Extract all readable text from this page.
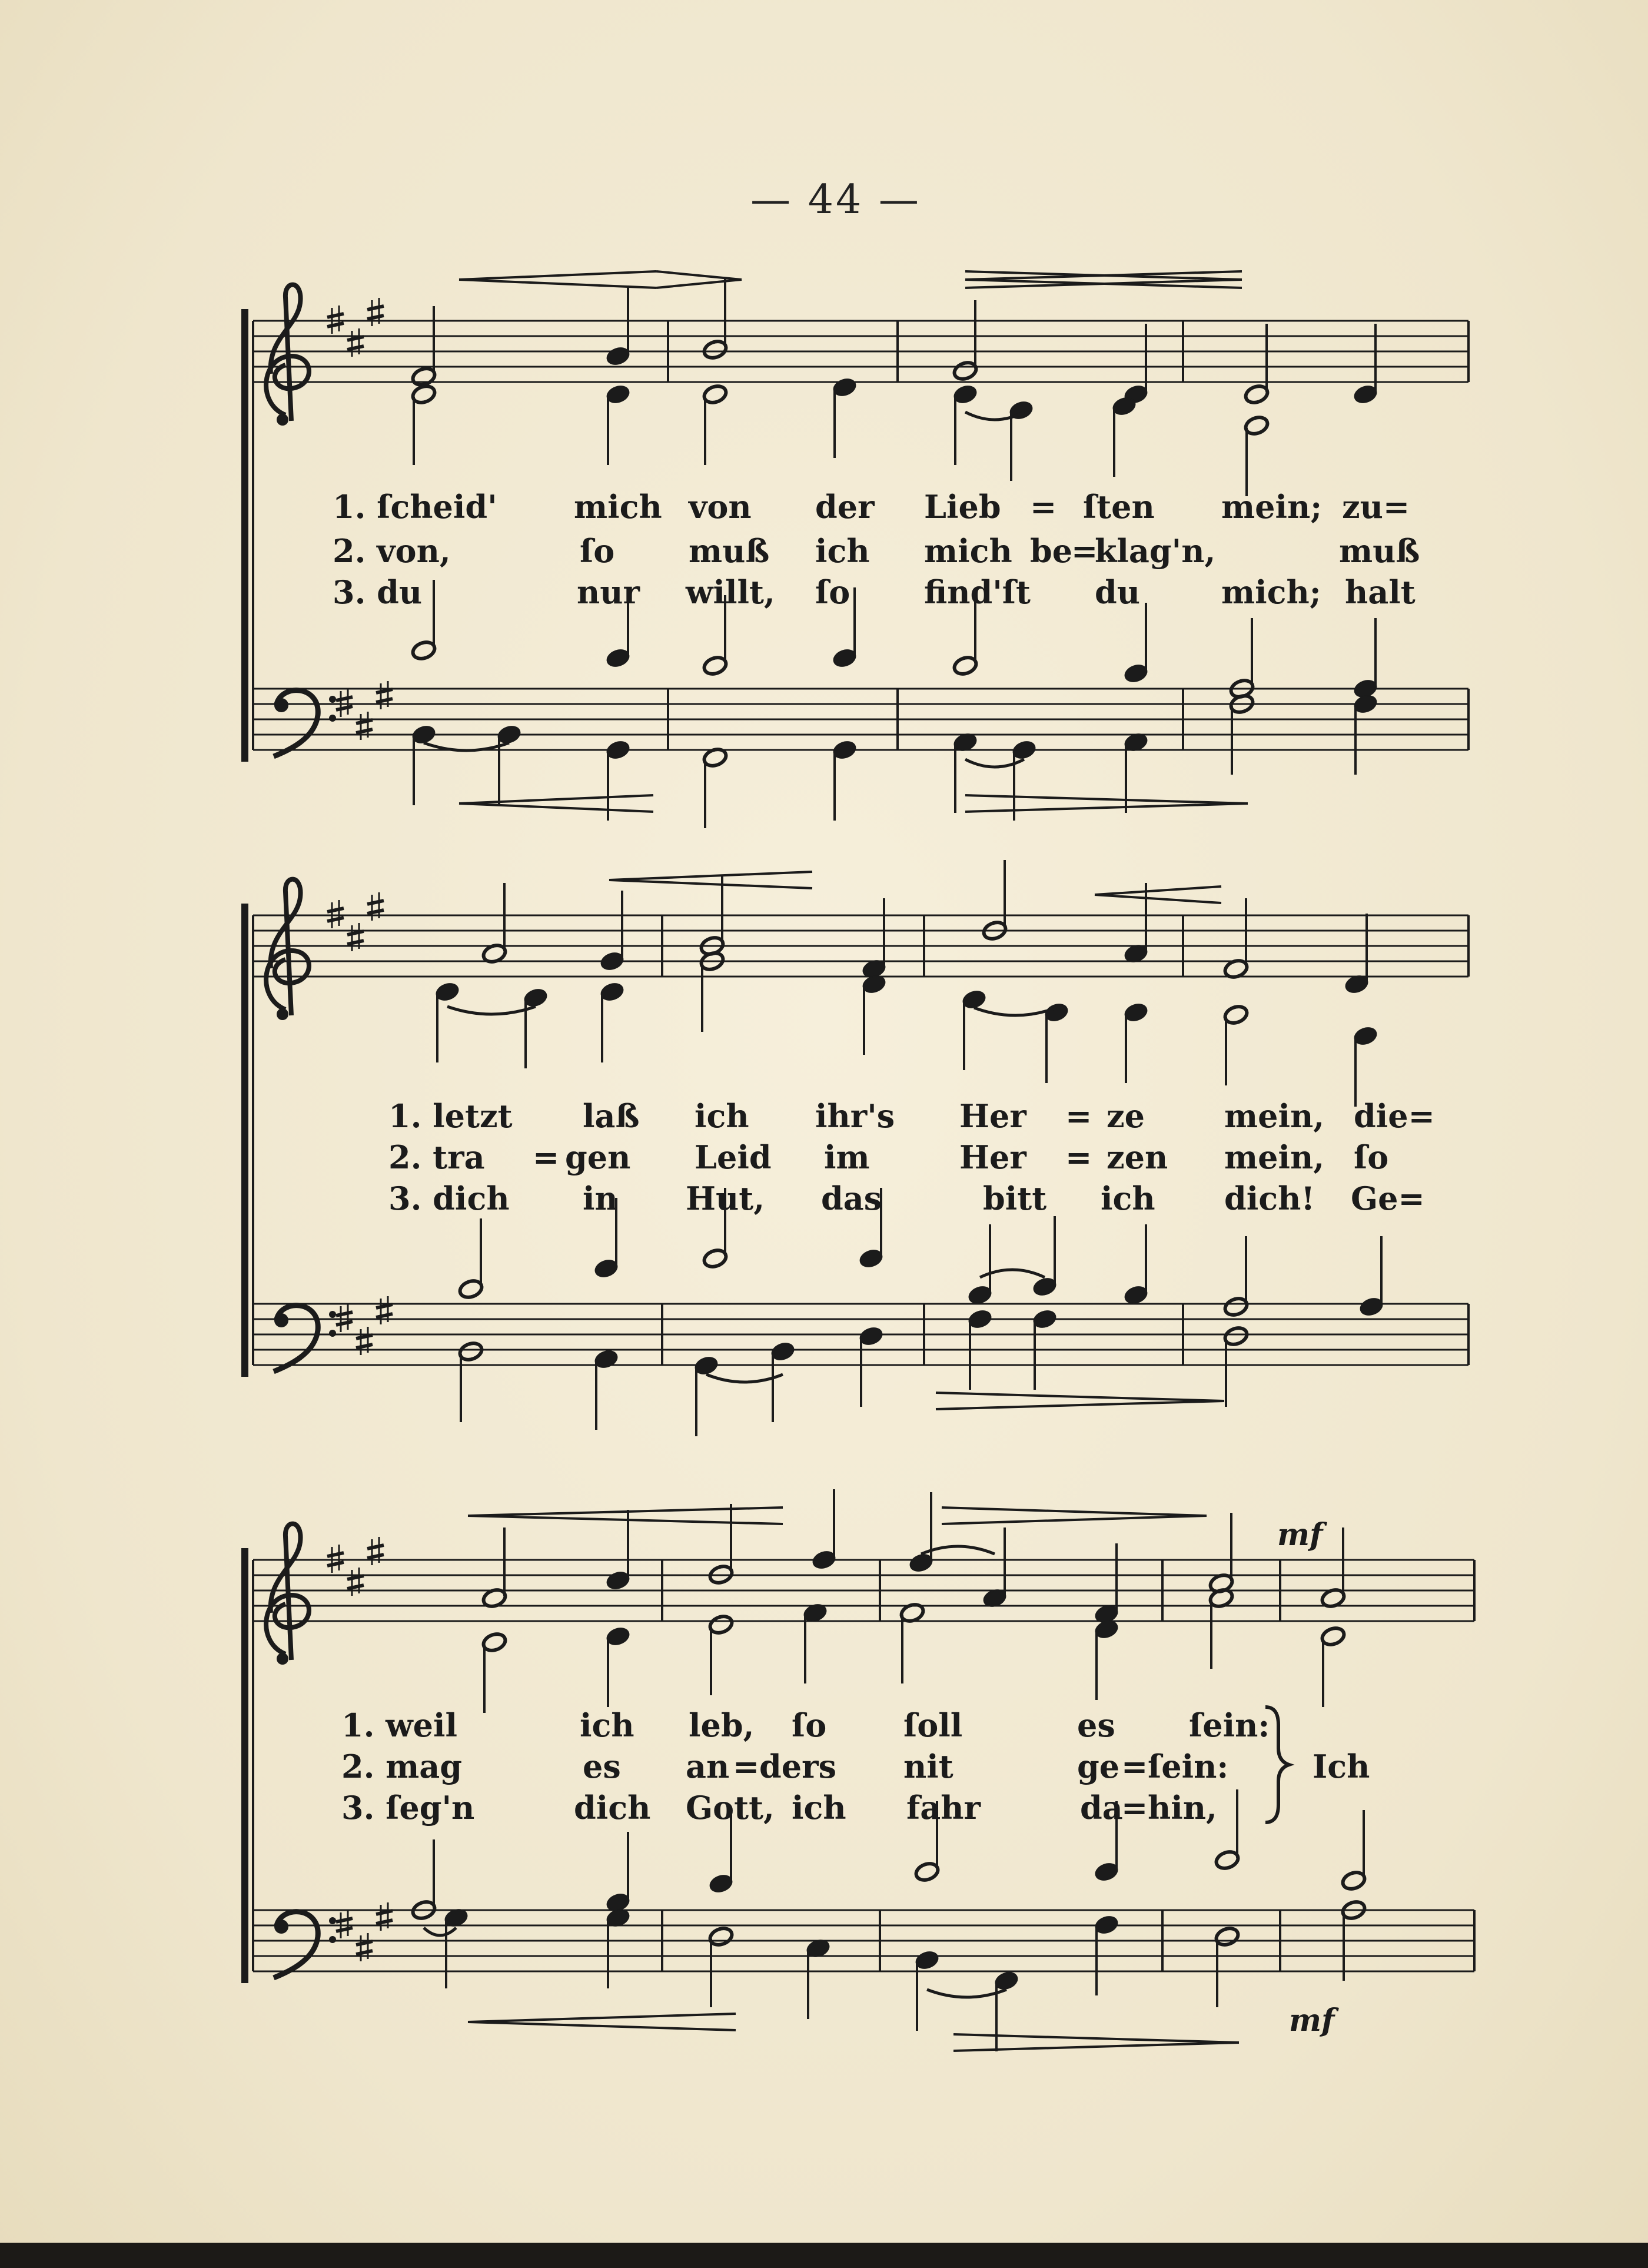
— 44 —
1. ſcheid' mich von der Lieb = ſten mein; zu=
2. von,	ſo muß ich mich be
=
klag'n,	muß
3. du	nur willt, ſo find'ſt du	mich; halt
1. letzt laß ich ihr's Her = ze mein, die=
2. tra = gen Leid im	Her = zen mein, ſo
3. dich in Hut, das	bitt ich dich! Ge=
1. weil	ich leb, ſo ſoll	es ſein:
2. mag	es an = ders nit	ge = ſein:
3. ſeg'n	dich Gott, ich fahr	da
= hin,
Ich
mf
mf
